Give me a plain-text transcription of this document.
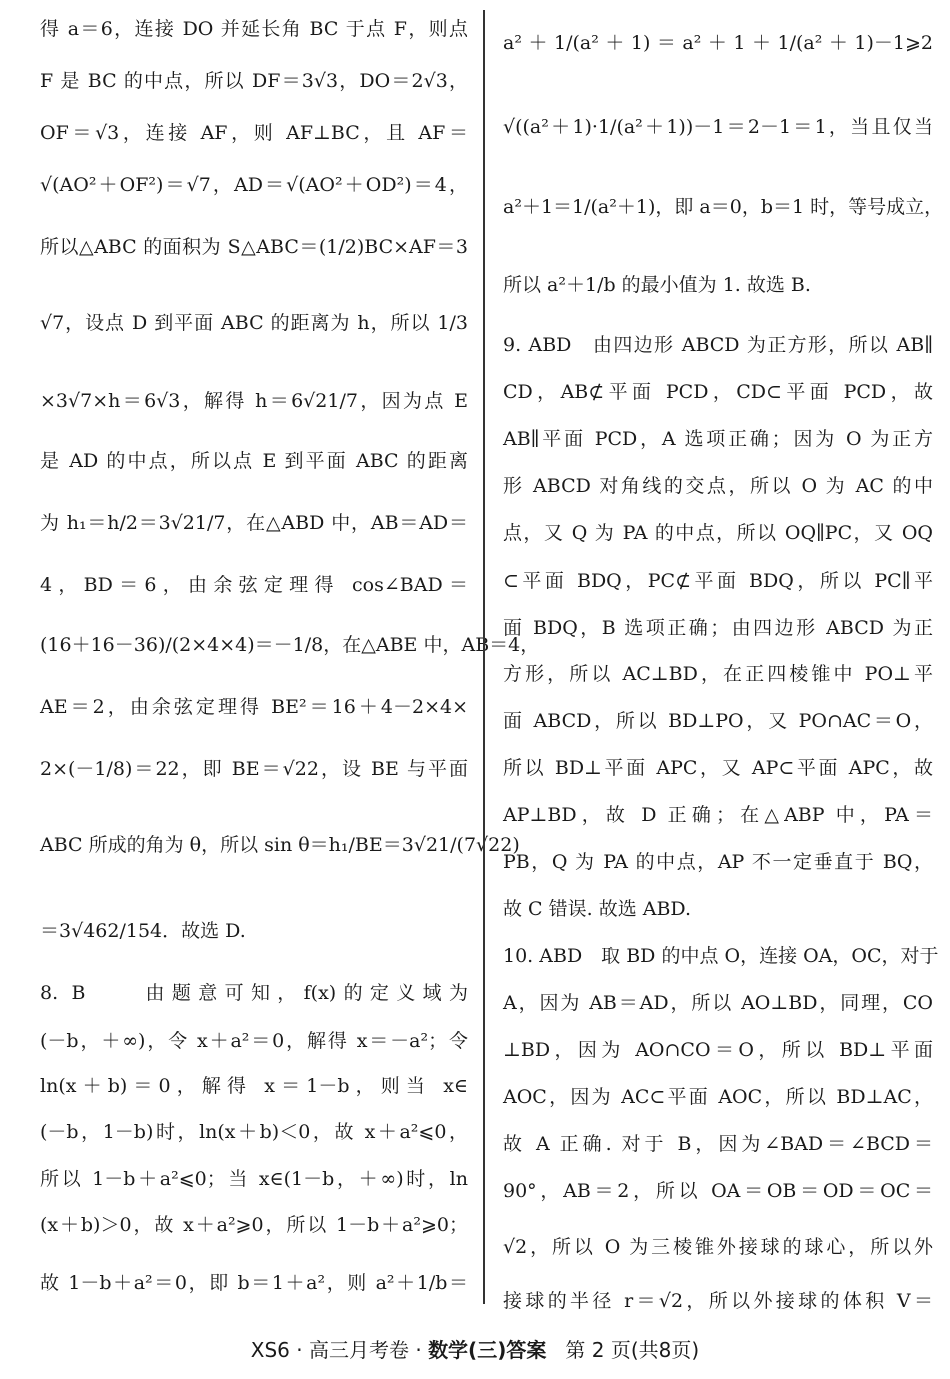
得 a＝6，连接 DO 并延长角 BC 于点 F，则点
F 是 BC 的中点，所以 DF＝3√3，DO＝2√3，
OF＝√3，连接 AF，则 AF⊥BC，且 AF＝
√(AO²＋OF²)＝√7，AD＝√(AO²＋OD²)＝4，
所以△ABC 的面积为 S△ABC＝(1/2)BC×AF＝3
√7，设点 D 到平面 ABC 的距离为 h，所以 1/3
×3√7×h＝6√3，解得 h＝6√21/7，因为点 E
是 AD 的中点，所以点 E 到平面 ABC 的距离
为 h₁＝h/2＝3√21/7，在△ABD 中，AB＝AD＝
4，BD＝6，由余弦定理得 cos∠BAD＝
(16＋16－36)/(2×4×4)＝－1/8，在△ABE 中，AB＝4，
AE＝2，由余弦定理得 BE²＝16＋4－2×4×
2×(－1/8)＝22，即 BE＝√22，设 BE 与平面
ABC 所成的角为 θ，所以 sin θ＝h₁/BE＝3√21/(7√22)
＝3√462/154．故选 D.
8. B　　由题意可知，f(x)的定义域为
(－b，＋∞)，令 x＋a²＝0，解得 x＝－a²；令
ln(x＋b)＝0，解得 x＝1－b，则当 x∈
(－b，1－b)时，ln(x＋b)＜0，故 x＋a²⩽0，
所以 1－b＋a²⩽0；当 x∈(1－b，＋∞)时，ln
(x＋b)＞0，故 x＋a²⩾0，所以 1－b＋a²⩾0；
故 1－b＋a²＝0，即 b＝1＋a²，则 a²＋1/b＝
a²＋1/(a²＋1)＝a²＋1＋1/(a²＋1)－1⩾2
√((a²＋1)·1/(a²＋1))－1＝2－1＝1，当且仅当
a²＋1＝1/(a²＋1)，即 a＝0，b＝1 时，等号成立，
所以 a²＋1/b 的最小值为 1. 故选 B.
9. ABD　由四边形 ABCD 为正方形，所以 AB∥
CD，AB⊄平面 PCD，CD⊂平面 PCD，故
AB∥平面 PCD，A 选项正确；因为 O 为正方
形 ABCD 对角线的交点，所以 O 为 AC 的中
点，又 Q 为 PA 的中点，所以 OQ∥PC，又 OQ
⊂平面 BDQ，PC⊄平面 BDQ，所以 PC∥平
面 BDQ，B 选项正确；由四边形 ABCD 为正
方形，所以 AC⊥BD，在正四棱锥中 PO⊥平
面 ABCD，所以 BD⊥PO，又 PO∩AC＝O，
所以 BD⊥平面 APC，又 AP⊂平面 APC，故
AP⊥BD，故 D 正确；在△ABP 中，PA＝
PB，Q 为 PA 的中点，AP 不一定垂直于 BQ，
故 C 错误. 故选 ABD.
10. ABD　取 BD 的中点 O，连接 OA，OC，对于
A，因为 AB＝AD，所以 AO⊥BD，同理，CO
⊥BD，因为 AO∩CO＝O，所以 BD⊥平面
AOC，因为 AC⊂平面 AOC，所以 BD⊥AC，
故 A 正确. 对于 B，因为∠BAD＝∠BCD＝
90°，AB＝2，所以 OA＝OB＝OD＝OC＝
√2，所以 O 为三棱锥外接球的球心，所以外
接球的半径 r＝√2，所以外接球的体积 V＝
XS6 · 高三月考卷 · 数学(三)答案 第 2 页(共8页)
